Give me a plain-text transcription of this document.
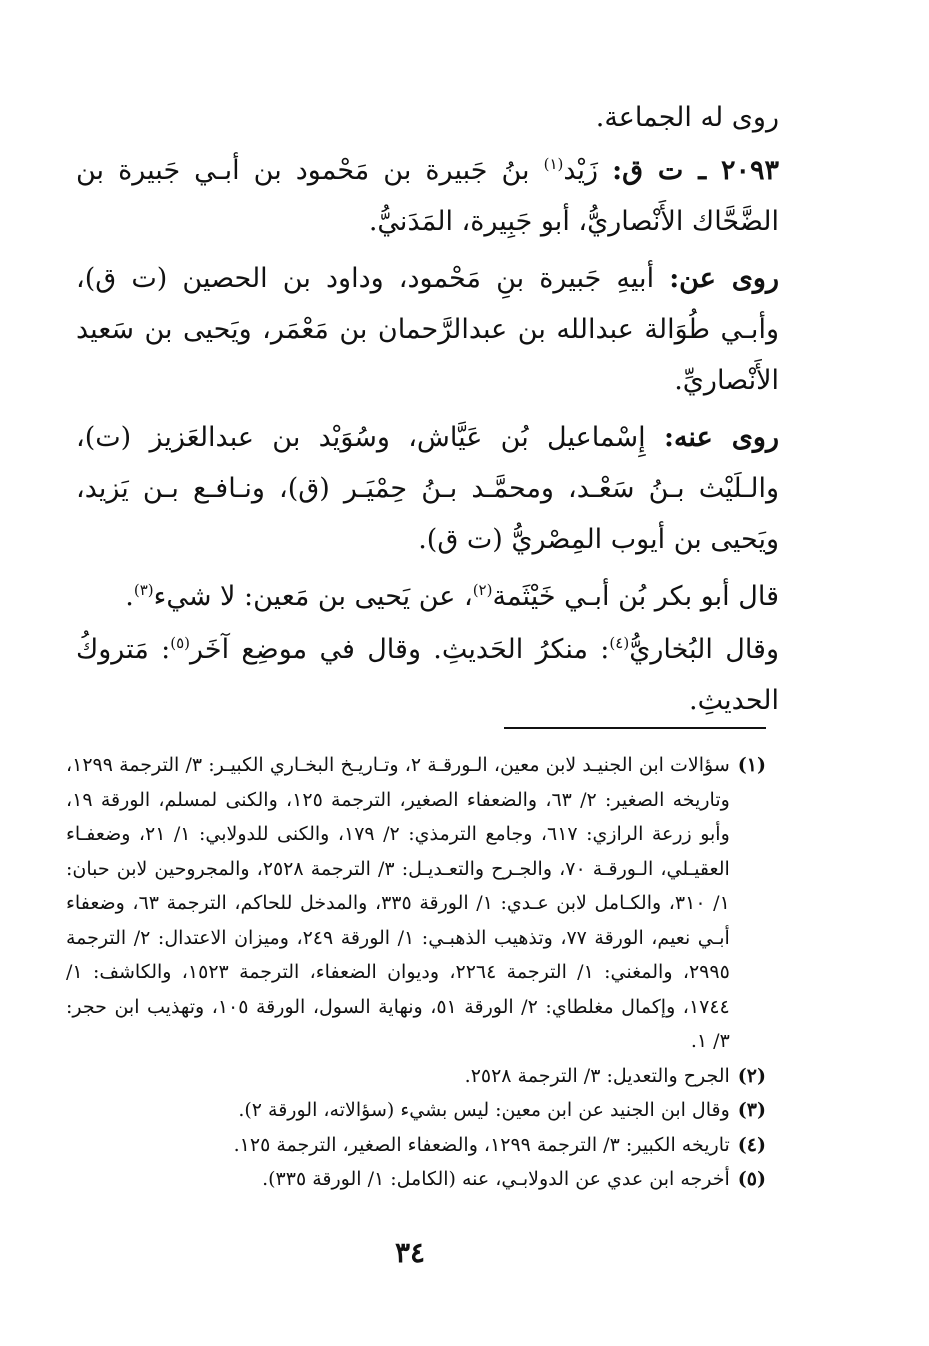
روى له الجماعة.

٢٠٩٣ ـ ت ق: زَيْد$^{(١)}$ بنُ جَبيرة بن مَحْمود بن أبـي جَبيرة بن الضَّحَّاك الأَنْصاريُّ، أبو جَبِيرة، المَدَنيُّ.

روى عن: أبيهِ جَبيرة بنِ مَحْمود، وداود بن الحصين (ت ق)، وأبـي طُوَالة عبدالله بن عبدالرَّحمان بن مَعْمَر، ويَحيى بن سَعيد الأَنْصاريِّ.

روى عنه: إِسْماعيل بُن عَيَّاش، وسُوَيْد بن عبدالعَزيز (ت)، والـلَيْث بـنُ سَعْـد، ومحمَّـد بـنُ حِمْيَـر (ق)، ونـافـع بـن يَزيد، ويَحيى بن أيوب المِصْريُّ (ت ق).

قال أبو بكر بُن أبـي خَيْثَمة$^{(٢)}$، عن يَحيى بن مَعين: لا شيء$^{(٣)}$.

وقال البُخاريُّ$^{(٤)}$: منكرُ الحَديثِ. وقال في موضِع آخَر$^{(٥)}$: مَتروكُ الحديثِ.

(١)
سؤالات ابن الجنيـد لابن معين، الـورقـة ٢، وتـاريـخ البخـاري الكبيـر: ٣/ الترجمة ١٢٩٩، وتاريخه الصغير: ٢/ ٦٣، والضعفاء الصغير، الترجمة ١٢٥، والكنى لمسلم، الورقة ١٩، وأبو زرعة الرازي: ٦١٧، وجامع الترمذي: ٢/ ١٧٩، والكنى للدولابي: ١/ ٢١، وضعفـاء العقيـلي، الـورقـة ٧٠، والجـرح والتعـديـل: ٣/ الترجمة ٢٥٢٨، والمجروحين لابن حبان: ١/ ٣١٠، والكـامل لابن عـدي: ١/ الورقة ٣٣٥، والمدخل للحاكم، الترجمة ٦٣، وضعفاء أبـي نعيم، الورقة ٧٧، وتذهيب الذهبـي: ١/ الورقة ٢٤٩، وميزان الاعتدال: ٢/ الترجمة ٢٩٩٥، والمغني: ١/ الترجمة ٢٢٦٤، وديوان الضعفاء، الترجمة ١٥٢٣، والكاشف: ١/ ١٧٤٤، وإكمال مغلطاي: ٢/ الورقة ٥١، ونهاية السول، الورقة ١٠٥، وتهذيب ابن حجر: ٣/ ١.

(٢)
الجرح والتعديل: ٣/ الترجمة ٢٥٢٨.

(٣)
وقال ابن الجنيد عن ابن معين: ليس بشيء (سؤالاته، الورقة ٢).

(٤)
تاريخه الكبير: ٣/ الترجمة ١٢٩٩، والضعفاء الصغير، الترجمة ١٢٥.

(٥)
أخرجه ابن عدي عن الدولابـي، عنه (الكامل: ١/ الورقة ٣٣٥).

٣٤
